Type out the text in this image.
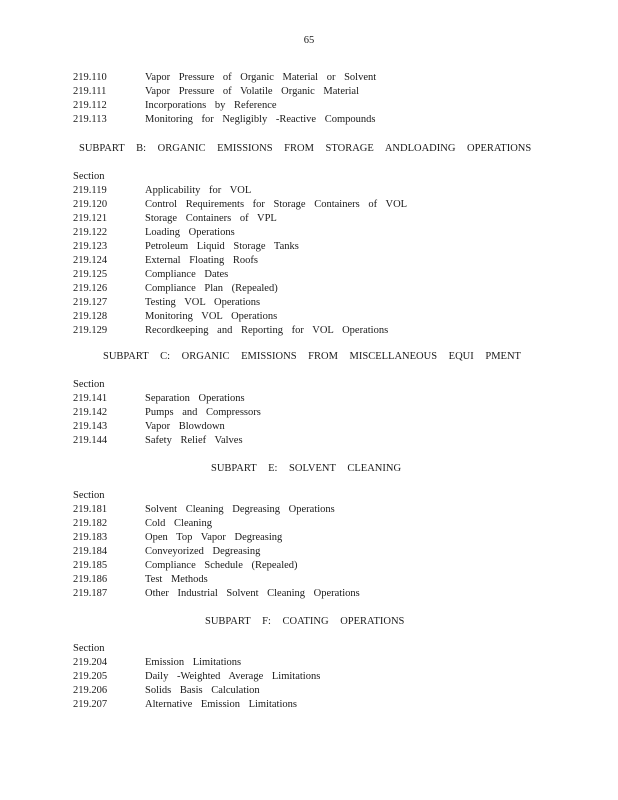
65
219.110	Vapor Pressure of Organic Material or Solvent
219.111	Vapor Pressure of Volatile Organic Material
219.112	Incorporations by Reference
219.113	Monitoring for Negligibly -Reactive Compounds
SUBPART B: ORGANIC EMISSIONS FROM STORAGE ANDLOADING OPERATIONS
Section
219.119	Applicability for VOL
219.120	Control Requirements for Storage Containers of VOL
219.121	Storage Containers of VPL
219.122	Loading Operations
219.123	Petroleum Liquid Storage Tanks
219.124	External Floating Roofs
219.125	Compliance Dates
219.126	Compliance Plan (Repealed)
219.127	Testing VOL Operations
219.128	Monitoring VOL Operations
219.129	Recordkeeping and Reporting for VOL Operations
SUBPART C: ORGANIC EMISSIONS FROM MISCELLANEOUS EQUI PMENT
Section
219.141	Separation Operations
219.142	Pumps and Compressors
219.143	Vapor Blowdown
219.144	Safety Relief Valves
SUBPART E: SOLVENT CLEANING
Section
219.181	Solvent Cleaning Degreasing Operations
219.182	Cold Cleaning
219.183	Open Top Vapor Degreasing
219.184	Conveyorized Degreasing
219.185	Compliance Schedule (Repealed)
219.186	Test Methods
219.187	Other Industrial Solvent Cleaning Operations
SUBPART F: COATING OPERATIONS
Section
219.204	Emission Limitations
219.205	Daily -Weighted Average Limitations
219.206	Solids Basis Calculation
219.207	Alternative Emission Limitations
